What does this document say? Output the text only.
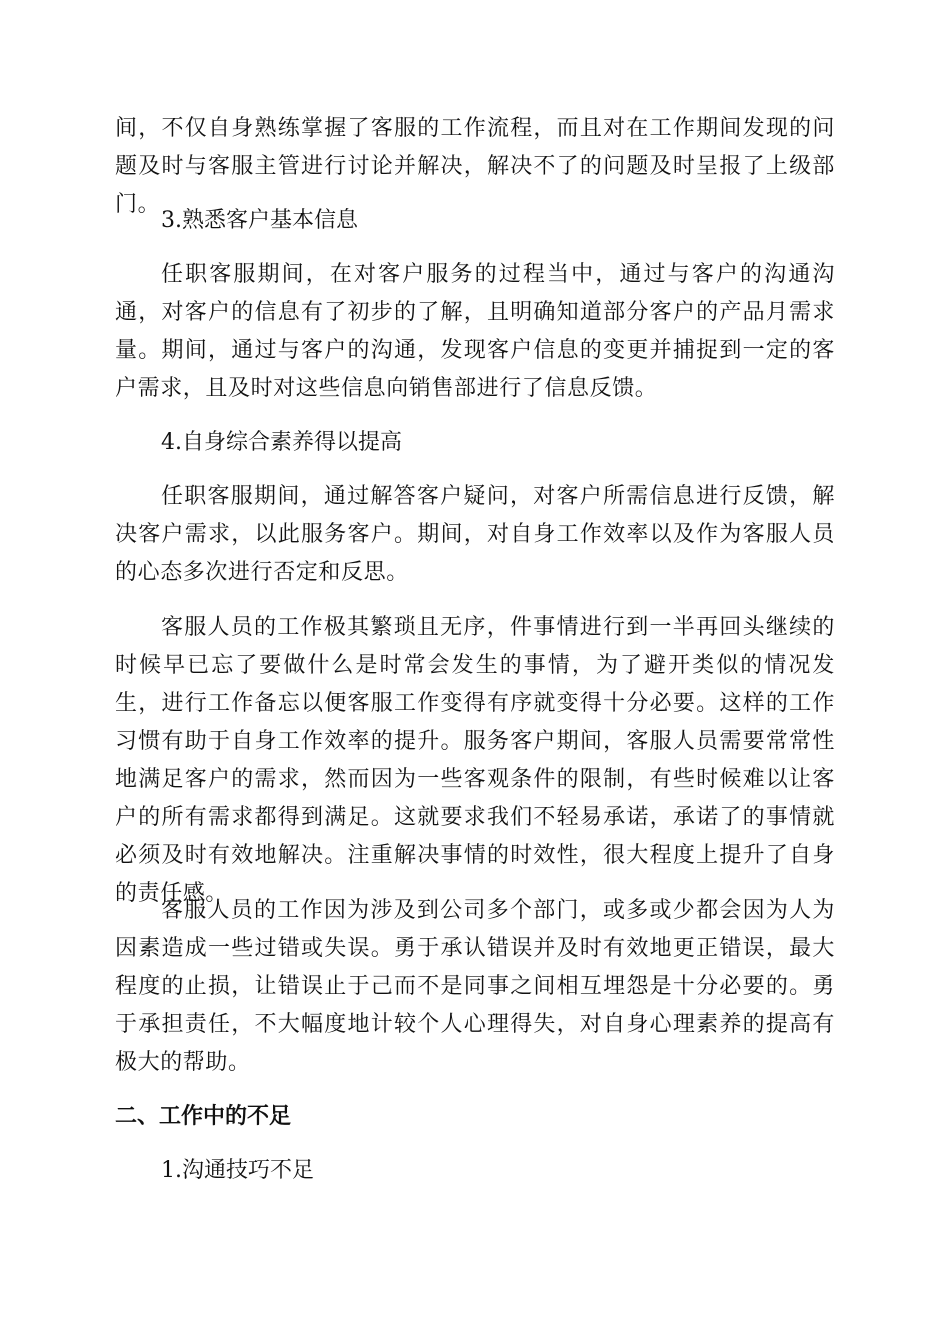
间，不仅自身熟练掌握了客服的工作流程，而且对在工作期间发现的问题及时与客服主管进行讨论并解决，解决不了的问题及时呈报了上级部门。

3.熟悉客户基本信息

任职客服期间，在对客户服务的过程当中，通过与客户的沟通沟通，对客户的信息有了初步的了解，且明确知道部分客户的产品月需求量。期间，通过与客户的沟通，发现客户信息的变更并捕捉到一定的客户需求，且及时对这些信息向销售部进行了信息反馈。

4.自身综合素养得以提高

任职客服期间，通过解答客户疑问，对客户所需信息进行反馈，解决客户需求，以此服务客户。期间，对自身工作效率以及作为客服人员的心态多次进行否定和反思。

客服人员的工作极其繁琐且无序，件事情进行到一半再回头继续的时候早已忘了要做什么是时常会发生的事情，为了避开类似的情况发生，进行工作备忘以便客服工作变得有序就变得十分必要。这样的工作习惯有助于自身工作效率的提升。服务客户期间，客服人员需要常常性地满足客户的需求，然而因为一些客观条件的限制，有些时候难以让客户的所有需求都得到满足。这就要求我们不轻易承诺，承诺了的事情就必须及时有效地解决。注重解决事情的时效性，很大程度上提升了自身的责任感。

客服人员的工作因为涉及到公司多个部门，或多或少都会因为人为因素造成一些过错或失误。勇于承认错误并及时有效地更正错误，最大程度的止损，让错误止于己而不是同事之间相互埋怨是十分必要的。勇于承担责任，不大幅度地计较个人心理得失，对自身心理素养的提高有极大的帮助。

二、工作中的不足

1.沟通技巧不足
